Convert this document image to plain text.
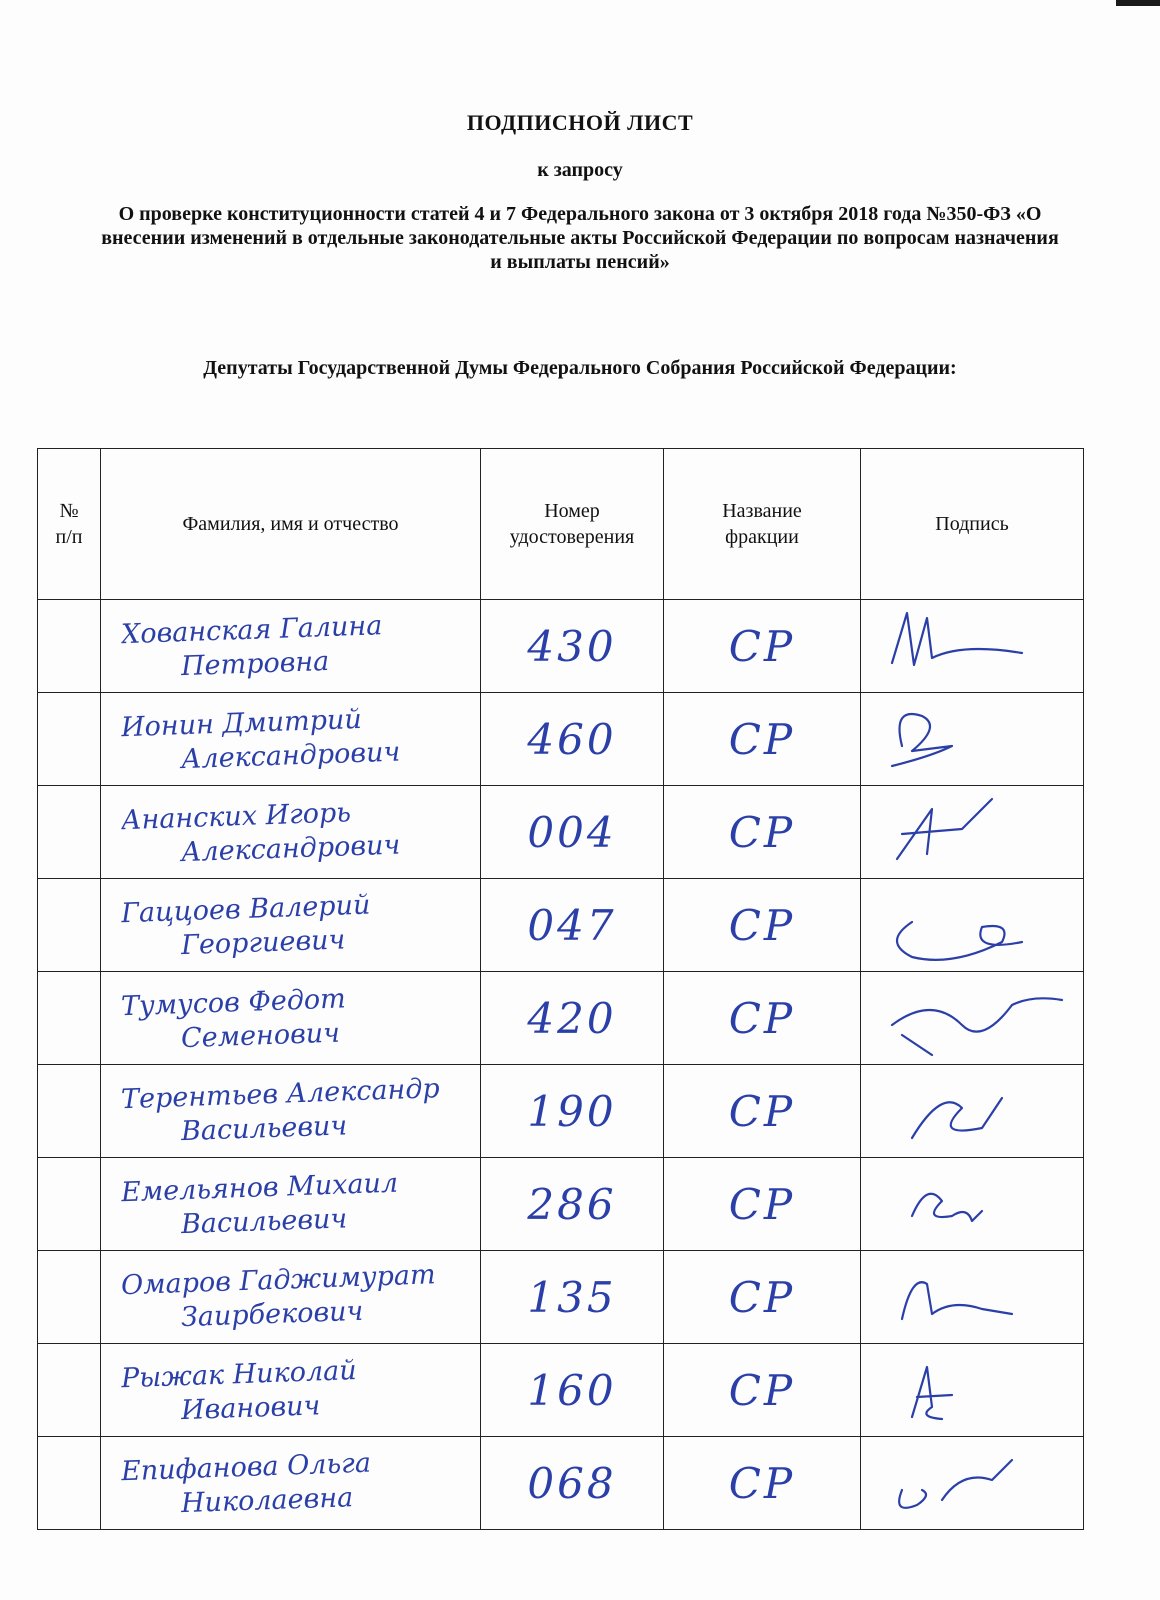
ПОДПИСНОЙ ЛИСТ

к запросу

О проверке конституционности статей 4 и 7 Федерального закона от 3 октября 2018 года №350-ФЗ «О внесении изменений в отдельные законодательные акты Российской Федерации по вопросам назначения и выплаты пенсий»

Депутаты Государственной Думы Федерального Собрания Российской Федерации:

№
п/п	Фамилия, имя и отчество	Номер удостоверения	Название фракции	Подпись

	Хованская Галина
Петровна	430	СР	

	Ионин Дмитрий
Александрович	460	СР	

	Ананских Игорь
Александрович	004	СР	

	Гаццоев Валерий
Георгиевич	047	СР	

	Тумусов Федот
Семенович	420	СР	

	Терентьев Александр
Васильевич	190	СР	

	Емельянов Михаил
Васильевич	286	СР	

	Омаров Гаджимурат
Заирбекович	135	СР	

	Рыжак Николай
Иванович	160	СР	

	Епифанова Ольга
Николаевна	068	СР	
